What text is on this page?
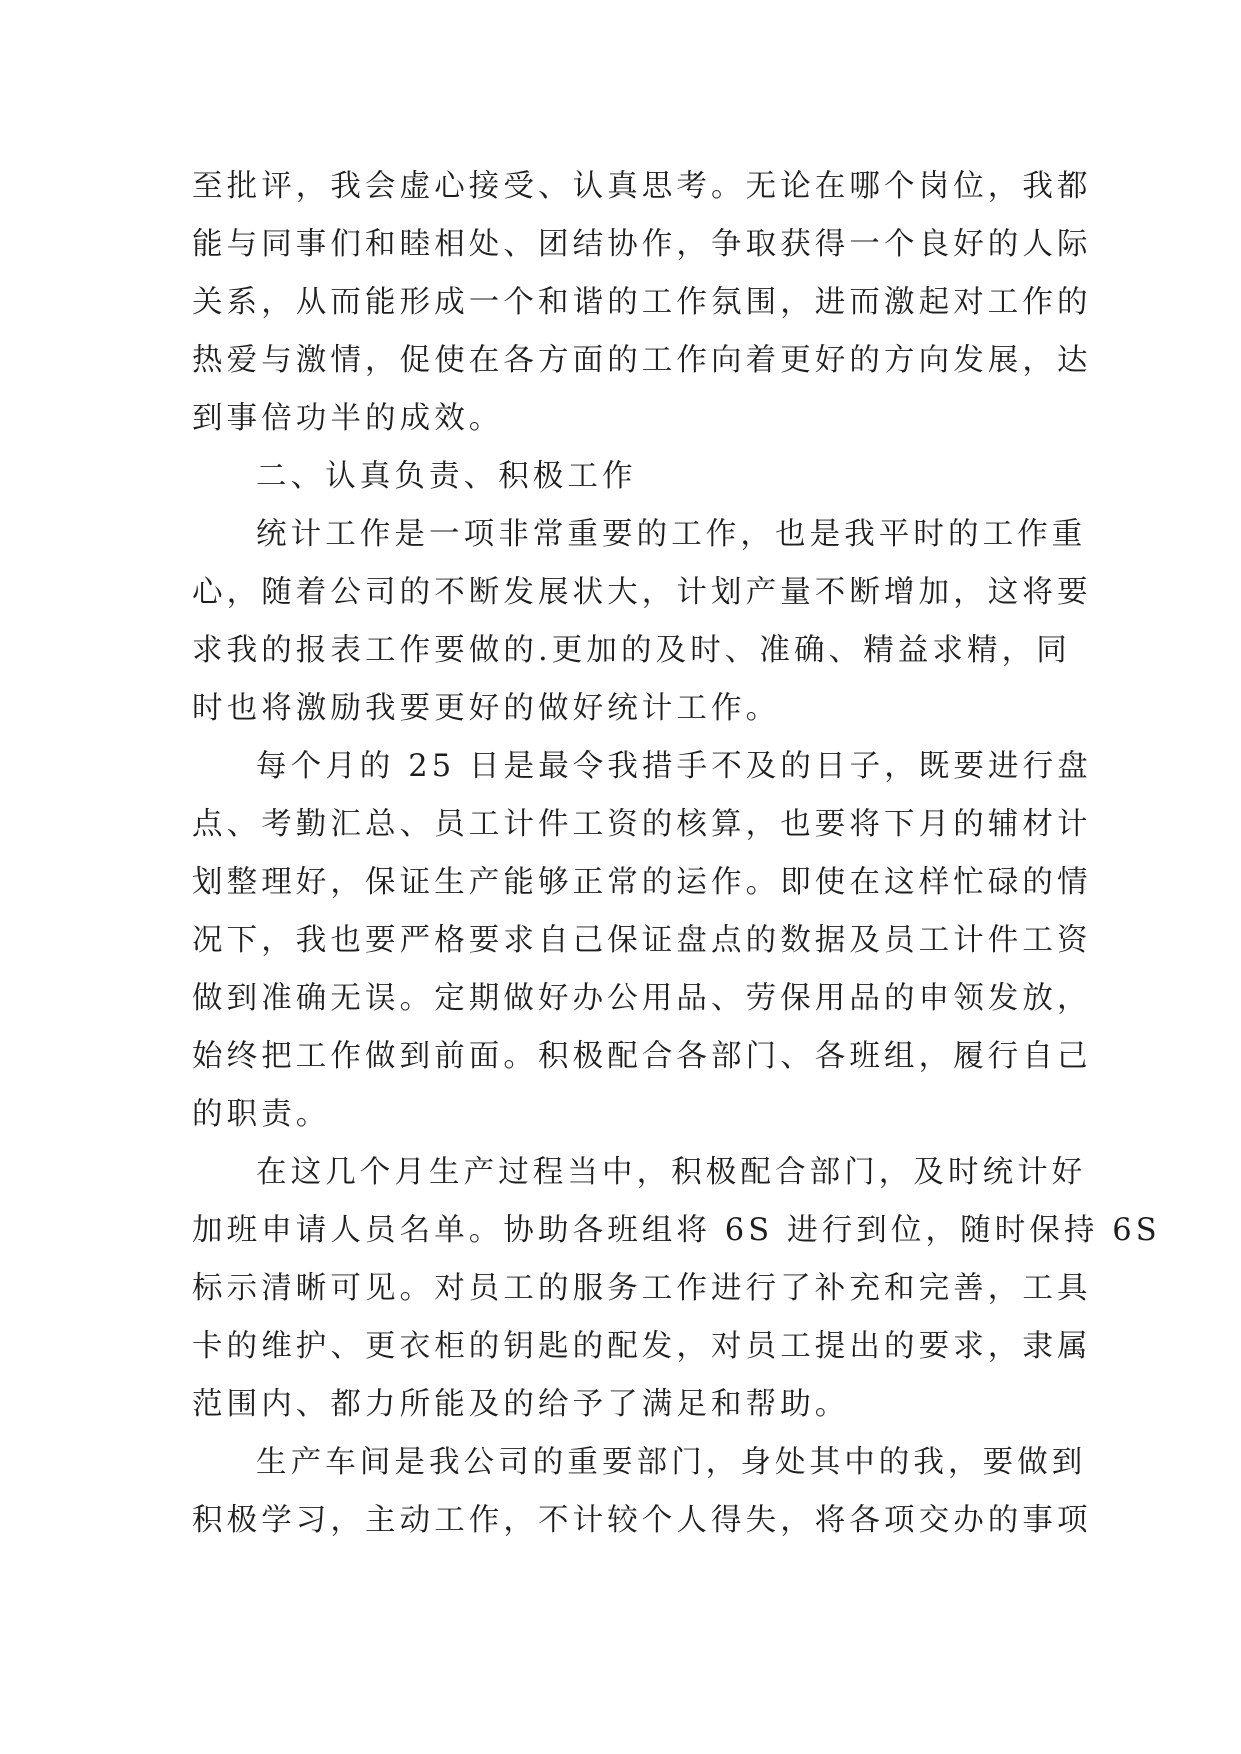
至批评，我会虚心接受、认真思考。无论在哪个岗位，我都

能与同事们和睦相处、团结协作，争取获得一个良好的人际

关系，从而能形成一个和谐的工作氛围，进而激起对工作的

热爱与激情，促使在各方面的工作向着更好的方向发展，达

到事倍功半的成效。

二、认真负责、积极工作

统计工作是一项非常重要的工作，也是我平时的工作重

心，随着公司的不断发展状大，计划产量不断增加，这将要

求我的报表工作要做的.更加的及时、准确、精益求精，同

时也将激励我要更好的做好统计工作。

每个月的 25 日是最令我措手不及的日子，既要进行盘

点、考勤汇总、员工计件工资的核算，也要将下月的辅材计

划整理好，保证生产能够正常的运作。即使在这样忙碌的情

况下，我也要严格要求自己保证盘点的数据及员工计件工资

做到准确无误。定期做好办公用品、劳保用品的申领发放，

始终把工作做到前面。积极配合各部门、各班组，履行自己

的职责。

在这几个月生产过程当中，积极配合部门，及时统计好

加班申请人员名单。协助各班组将 6S 进行到位，随时保持 6S

标示清晰可见。对员工的服务工作进行了补充和完善，工具

卡的维护、更衣柜的钥匙的配发，对员工提出的要求，隶属

范围内、都力所能及的给予了满足和帮助。

生产车间是我公司的重要部门，身处其中的我，要做到

积极学习，主动工作，不计较个人得失，将各项交办的事项
